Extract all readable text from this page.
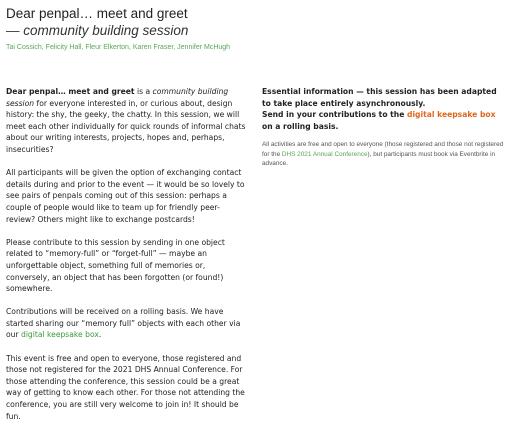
Dear penpal… meet and greet
— community building session
Tai Cossich, Felicity Hall, Fleur Elkerton, Karen Fraser, Jennifer McHugh

Dear penpal… meet and greet is a community building session for everyone interested in, or curious about, design history: the shy, the geeky, the chatty. In this session, we will meet each other individually for quick rounds of informal chats about our writing interests, projects, hopes and, perhaps, insecurities?

All participants will be given the option of exchanging contact details during and prior to the event — it would be so lovely to see pairs of penpals coming out of this session: perhaps a couple of people would like to team up for friendly peer-review? Others might like to exchange postcards!

Please contribute to this session by sending in one object related to “memory-full” or “forget-full” — maybe an unforgettable object, something full of memories or, conversely, an object that has been forgotten (or found!) somewhere.

Contributions will be received on a rolling basis. We have started sharing our “memory full” objects with each other via our digital keepsake box.

This event is free and open to everyone, those registered and those not registered for the 2021 DHS Annual Conference. For those attending the conference, this session could be a great way of getting to know each other. For those not attending the conference, you are still very welcome to join in! It should be fun.

Essential information — this session has been adapted to take place entirely asynchronously.
Send in your contributions to the digital keepsake box on a rolling basis.

All activities are free and open to everyone (those registered and those not registered for the DHS 2021 Annual Conference), but participants must book via Eventbrite in advance.
